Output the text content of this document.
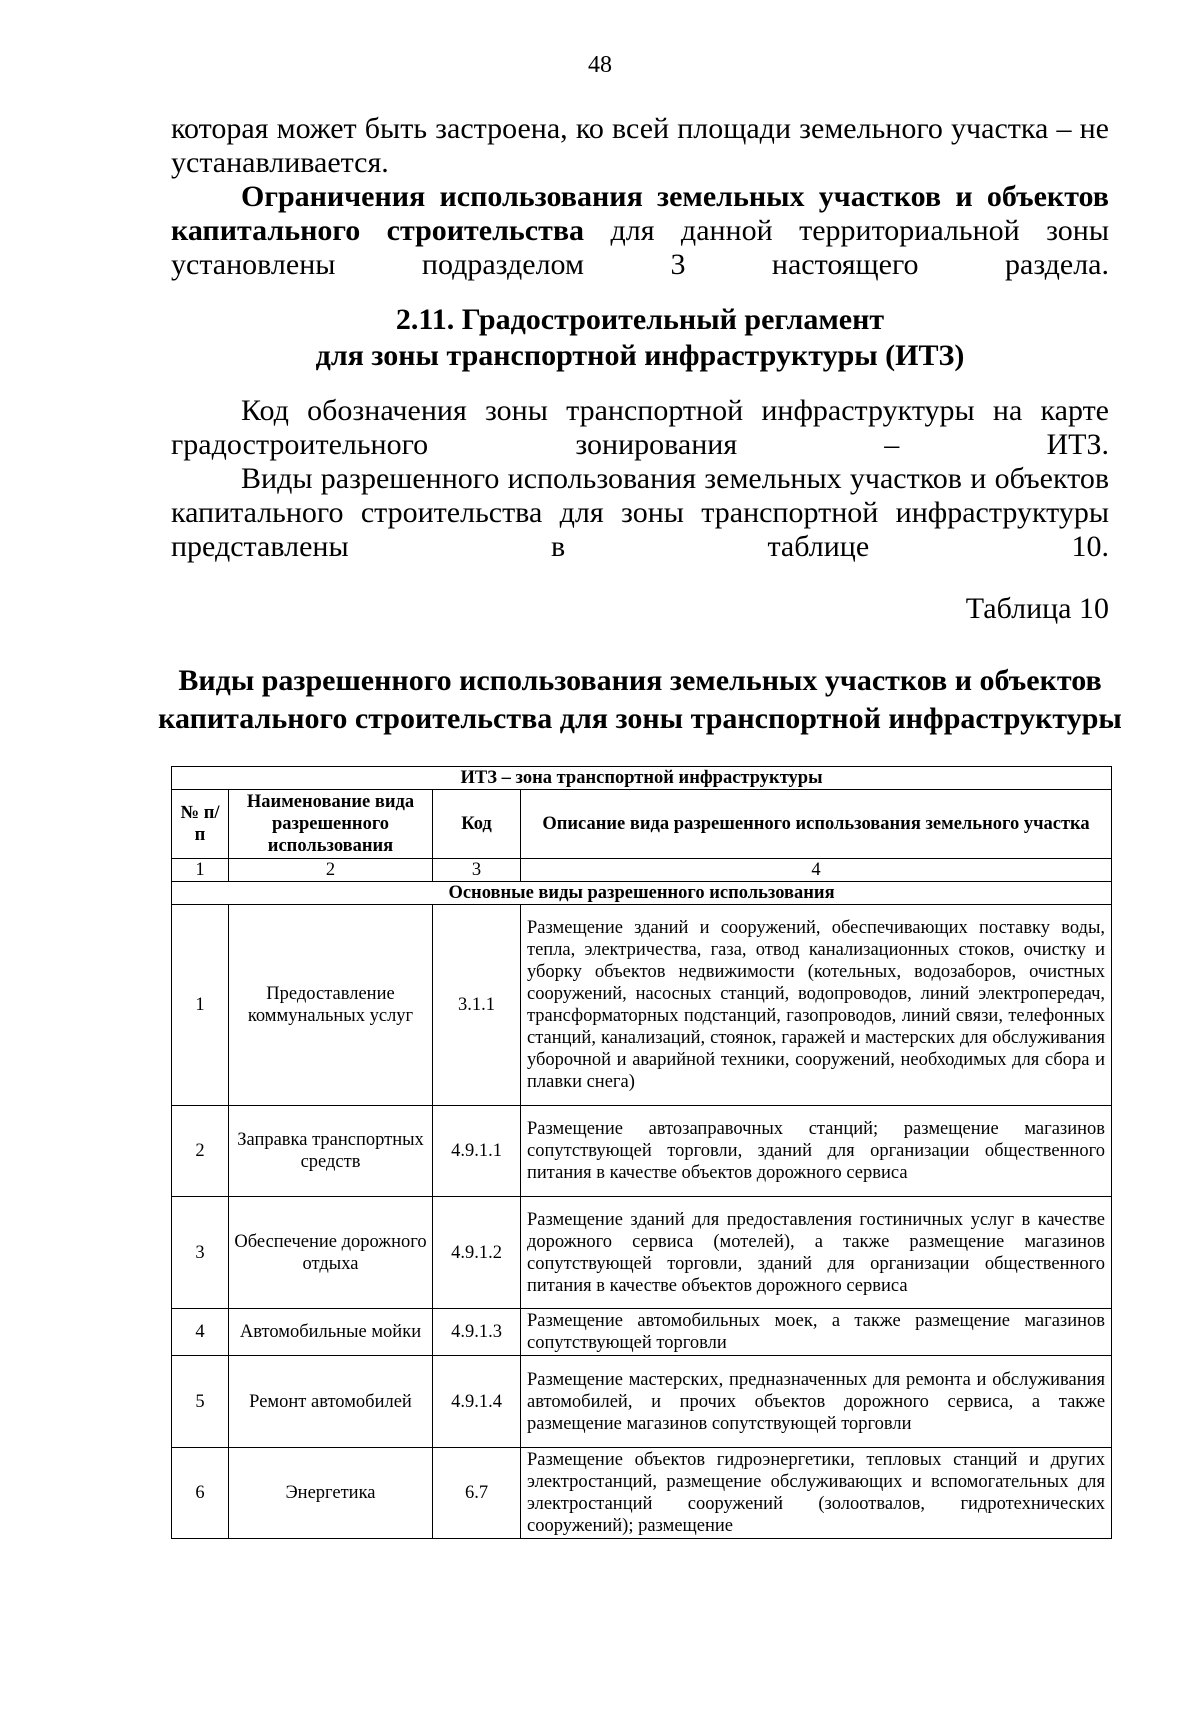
48
которая может быть застроена, ко всей площади земельного участка – не
устанавливается.
Ограничения использования земельных участков и объектов капитального строительства для данной территориальной зоны установлены подразделом 3 настоящего раздела.
2.11. Градостроительный регламент
для зоны транспортной инфраструктуры (ИТЗ)
Код обозначения зоны транспортной инфраструктуры на карте градостроительного зонирования – ИТЗ.
Виды разрешенного использования земельных участков и объектов капитального строительства для зоны транспортной инфраструктуры представлены в таблице 10.
Таблица 10
Виды разрешенного использования земельных участков и объектов
капитального строительства для зоны транспортной инфраструктуры
ИТЗ – зона транспортной инфраструктуры			
№ п/п	Наименование вида разрешенного использования	Код	Описание вида разрешенного использования земельного участка
1	2	3	4
Основные виды разрешенного использования			
1	Предоставление коммунальных услуг	3.1.1	Размещение зданий и сооружений, обеспечивающих поставку воды, тепла, электричества, газа, отвод канализационных стоков, очистку и уборку объектов недвижимости (котельных, водозаборов, очистных сооружений, насосных станций, водопроводов, линий электропередач, трансформаторных подстанций, газопроводов, линий связи, телефонных станций, канализаций, стоянок, гаражей и мастерских для обслуживания уборочной и аварийной техники, сооружений, необходимых для сбора и плавки снега)
2	Заправка транспортных средств	4.9.1.1	Размещение автозаправочных станций; размещение магазинов сопутствующей торговли, зданий для организации общественного питания в качестве объектов дорожного сервиса
3	Обеспечение дорожного отдыха	4.9.1.2	Размещение зданий для предоставления гостиничных услуг в качестве дорожного сервиса (мотелей), а также размещение магазинов сопутствующей торговли, зданий для организации общественного питания в качестве объектов дорожного сервиса
4	Автомобильные мойки	4.9.1.3	Размещение автомобильных моек, а также размещение магазинов сопутствующей торговли
5	Ремонт автомобилей	4.9.1.4	Размещение мастерских, предназначенных для ремонта и обслуживания автомобилей, и прочих объектов дорожного сервиса, а также размещение магазинов сопутствующей торговли
6	Энергетика	6.7	Размещение объектов гидроэнергетики, тепловых станций и других электростанций, размещение обслуживающих и вспомогательных для электростанций сооружений (золоотвалов, гидротехнических сооружений); размещение
